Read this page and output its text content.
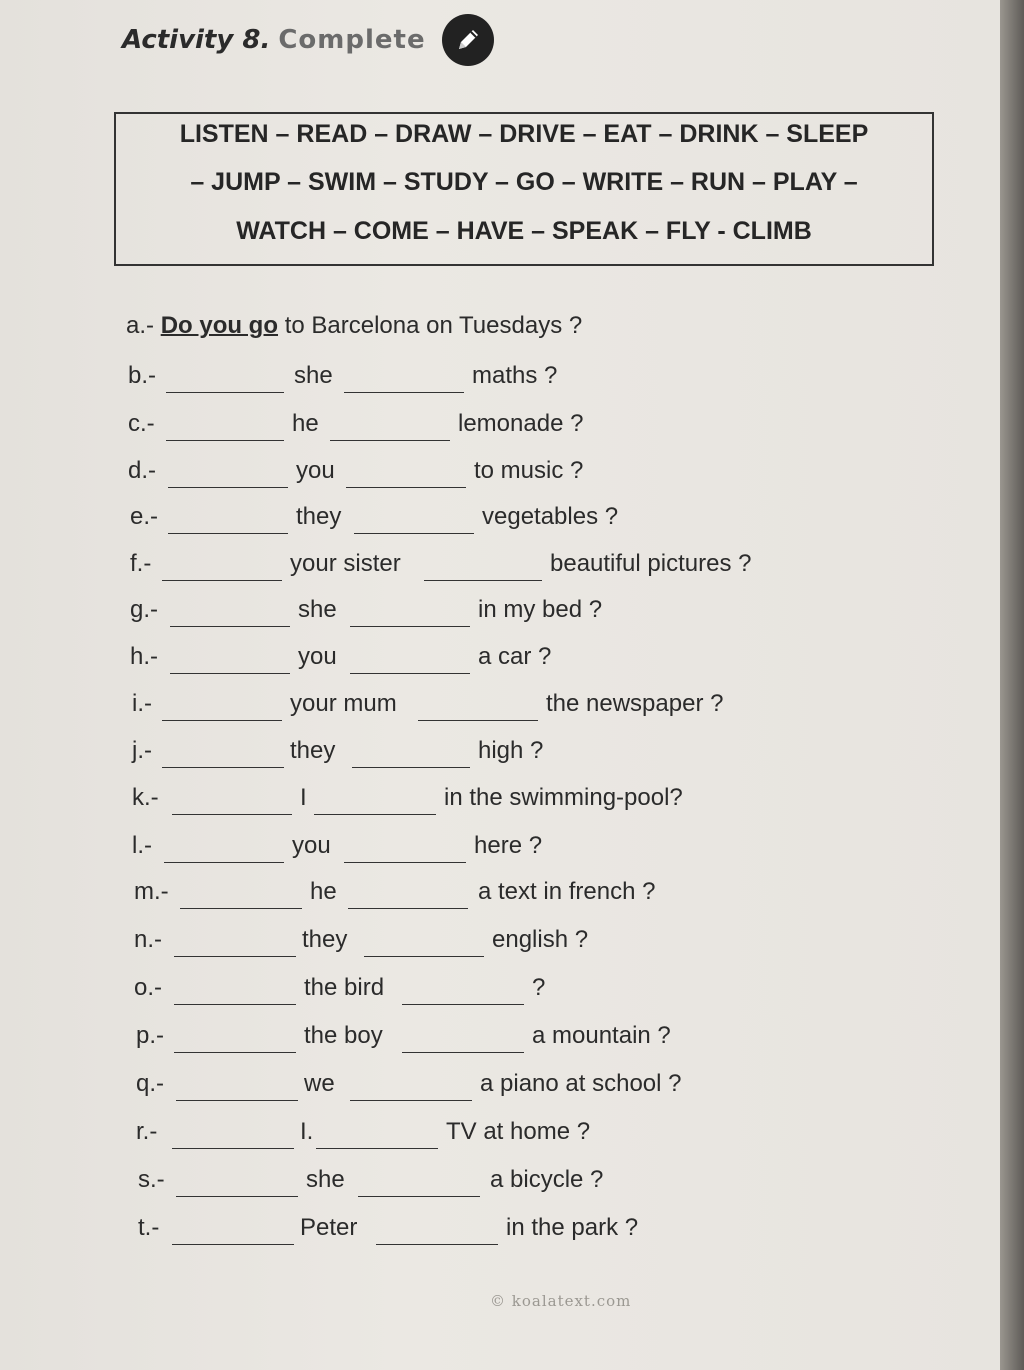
Activity 8. Complete
LISTEN – READ – DRAW – DRIVE – EAT – DRINK – SLEEP
– JUMP – SWIM – STUDY – GO – WRITE – RUN – PLAY –
WATCH – COME – HAVE – SPEAK – FLY - CLIMB
a.- Do you go to Barcelona on Tuesdays ?
b.-	she	maths ?
c.-	he	lemonade ?
d.-	you	to music ?
e.-	they	vegetables ?
f.-	your sister	beautiful pictures ?
g.-	she	in my bed ?
h.-	you	a car ?
i.-	your mum	the newspaper ?
j.-	they	high ?
k.-	I	in the swimming-pool?
l.-	you	here ?
m.-	he	a text in french ?
n.-	they	english ?
o.-	the bird	?
p.-	the boy	a mountain ?
q.-	we	a piano at school ?
r.-	I.	TV at home ?
s.-	she	a bicycle ?
t.-	Peter	in the park ?
© koalatext.com
